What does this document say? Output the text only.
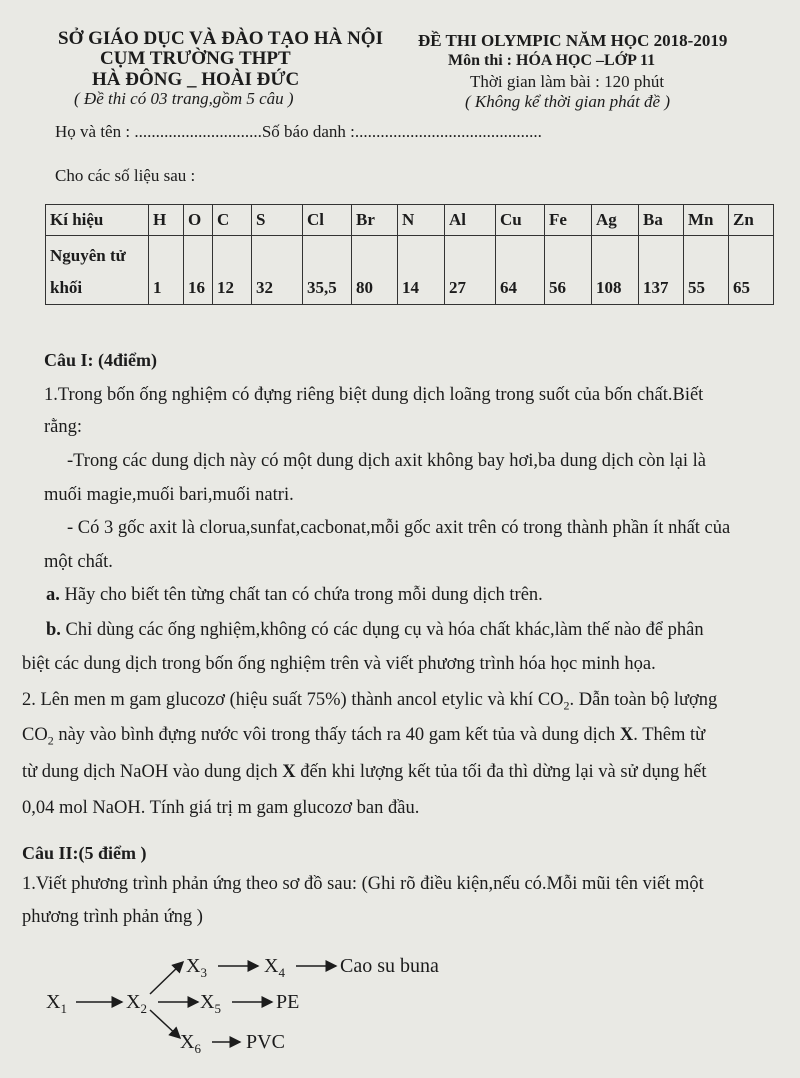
SỞ GIÁO DỤC VÀ ĐÀO TẠO HÀ NỘI
CỤM TRƯỜNG THPT
HÀ ĐÔNG _ HOÀI ĐỨC
( Đề thi có 03 trang,gồm 5 câu )
ĐỀ THI OLYMPIC NĂM HỌC 2018-2019
Môn thi : HÓA HỌC –LỚP 11
Thời gian làm bài : 120 phút
( Không kể thời gian phát đề )
Họ và tên : ..............................Số báo danh :............................................
Cho các số liệu sau :
Kí hiệu	H	O	C	S	Cl	Br	N	Al	Cu	Fe	Ag	Ba	Mn	Zn

Nguyên tử
khối	1	16	12	32	35,5	80	14	27	64	56	108	137	55	65
Câu I: (4điểm)
1.Trong bốn ống nghiệm có đựng riêng biệt dung dịch loãng trong suốt của bốn chất.Biết
rằng:
-Trong các dung dịch này có một dung dịch axit không bay hơi,ba dung dịch còn lại là
muối magie,muối bari,muối natri.
- Có 3 gốc axit là clorua,sunfat,cacbonat,mỗi gốc axit trên có trong thành phần ít nhất của
một chất.
a. Hãy cho biết tên từng chất tan có chứa trong mỗi dung dịch trên.
b. Chỉ dùng các ống nghiệm,không có các dụng cụ và hóa chất khác,làm thế nào để phân
biệt các dung dịch trong bốn ống nghiệm trên và viết phương trình hóa học minh họa.
2. Lên men m gam glucozơ (hiệu suất 75%) thành ancol etylic và khí $CO_2$. Dẫn toàn bộ lượng
$CO_2$ này vào bình đựng nước vôi trong thấy tách ra 40 gam kết tủa và dung dịch X. Thêm từ
từ dung dịch NaOH vào dung dịch X đến khi lượng kết tủa tối đa thì dừng lại và sử dụng hết
0,04 mol NaOH. Tính giá trị m gam glucozơ ban đầu.
Câu II:(5 điểm )
1.Viết phương trình phản ứng theo sơ đồ sau: (Ghi rõ điều kiện,nếu có.Mỗi mũi tên viết một
phương trình phản ứng )
$X_1$	$X_2$
$X_3$	$X_4$	Cao su buna
$X_5$	PE
$X_6$ PVC
